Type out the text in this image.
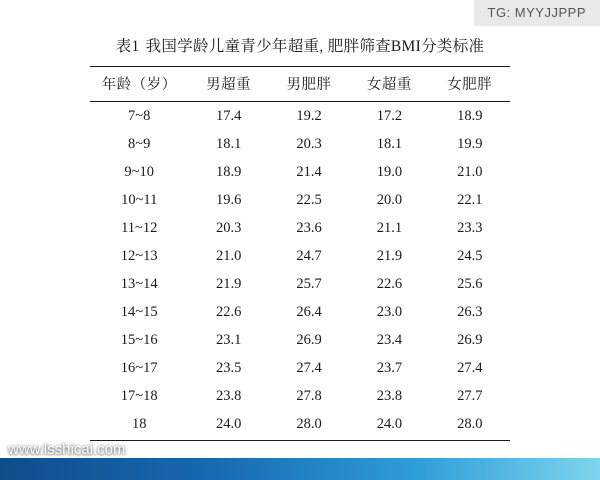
表1 我国学龄儿童青少年超重, 肥胖筛查BMI分类标准
年龄（岁）	男超重	男肥胖	女超重	女肥胖
7~8	17.4	19.2	17.2	18.9
8~9	18.1	20.3	18.1	19.9
9~10	18.9	21.4	19.0	21.0
10~11	19.6	22.5	20.0	22.1
11~12	20.3	23.6	21.1	23.3
12~13	21.0	24.7	21.9	24.5
13~14	21.9	25.7	22.6	25.6
14~15	22.6	26.4	23.0	26.3
15~16	23.1	26.9	23.4	26.9
16~17	23.5	27.4	23.7	27.4
17~18	23.8	27.8	23.8	27.7
18	24.0	28.0	24.0	28.0
TG: MYYJJPPP
www.lsshicai.com
